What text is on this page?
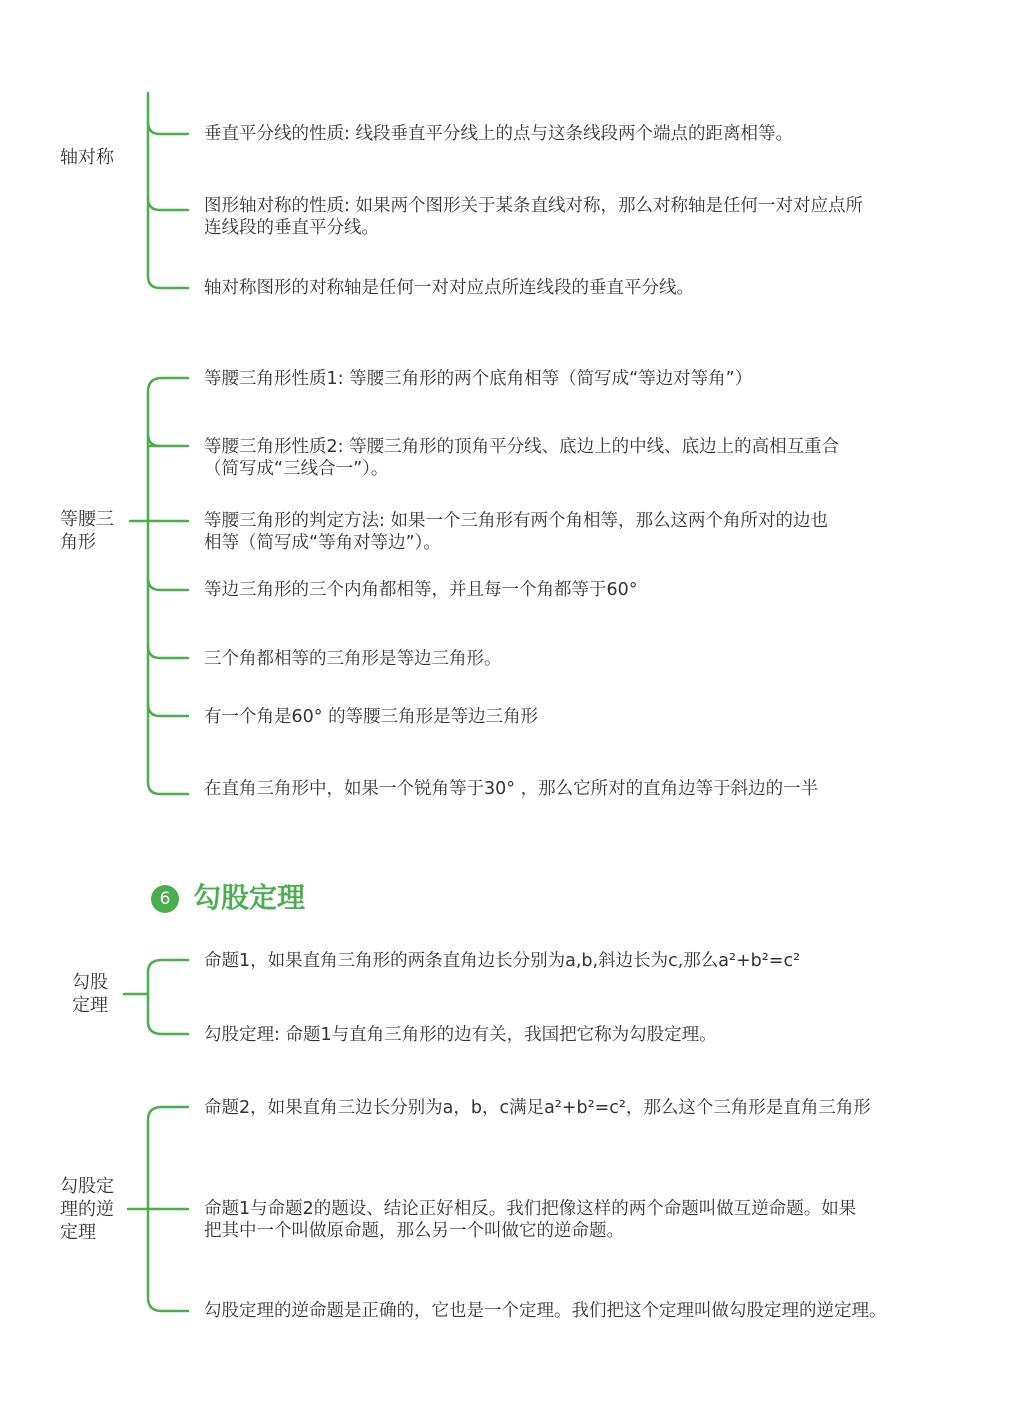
轴对称
垂直平分线的性质: 线段垂直平分线上的点与这条线段两个端点的距离相等。
图形轴对称的性质: 如果两个图形关于某条直线对称，那么对称轴是任何一对对应点所
连线段的垂直平分线。
轴对称图形的对称轴是任何一对对应点所连线段的垂直平分线。
等腰三角形
等腰三角形性质1: 等腰三角形的两个底角相等（简写成“等边对等角”）
等腰三角形性质2: 等腰三角形的顶角平分线、底边上的中线、底边上的高相互重合
（简写成“三线合一”）。
等腰三角形的判定方法: 如果一个三角形有两个角相等，那么这两个角所对的边也
相等（简写成“等角对等边”）。
等边三角形的三个内角都相等，并且每一个角都等于60°
三个角都相等的三角形是等边三角形。
有一个角是60° 的等腰三角形是等边三角形
在直角三角形中，如果一个锐角等于30° ，那么它所对的直角边等于斜边的一半
6 勾股定理
勾股定理
命题1，如果直角三角形的两条直角边长分别为a,b,斜边长为c,那么a²+b²=c²
勾股定理: 命题1与直角三角形的边有关，我国把它称为勾股定理。
勾股定理的逆定理
命题2，如果直角三边长分别为a，b，c满足a²+b²=c²，那么这个三角形是直角三角形
命题1与命题2的题设、结论正好相反。我们把像这样的两个命题叫做互逆命题。如果
把其中一个叫做原命题，那么另一个叫做它的逆命题。
勾股定理的逆命题是正确的，它也是一个定理。我们把这个定理叫做勾股定理的逆定理。
